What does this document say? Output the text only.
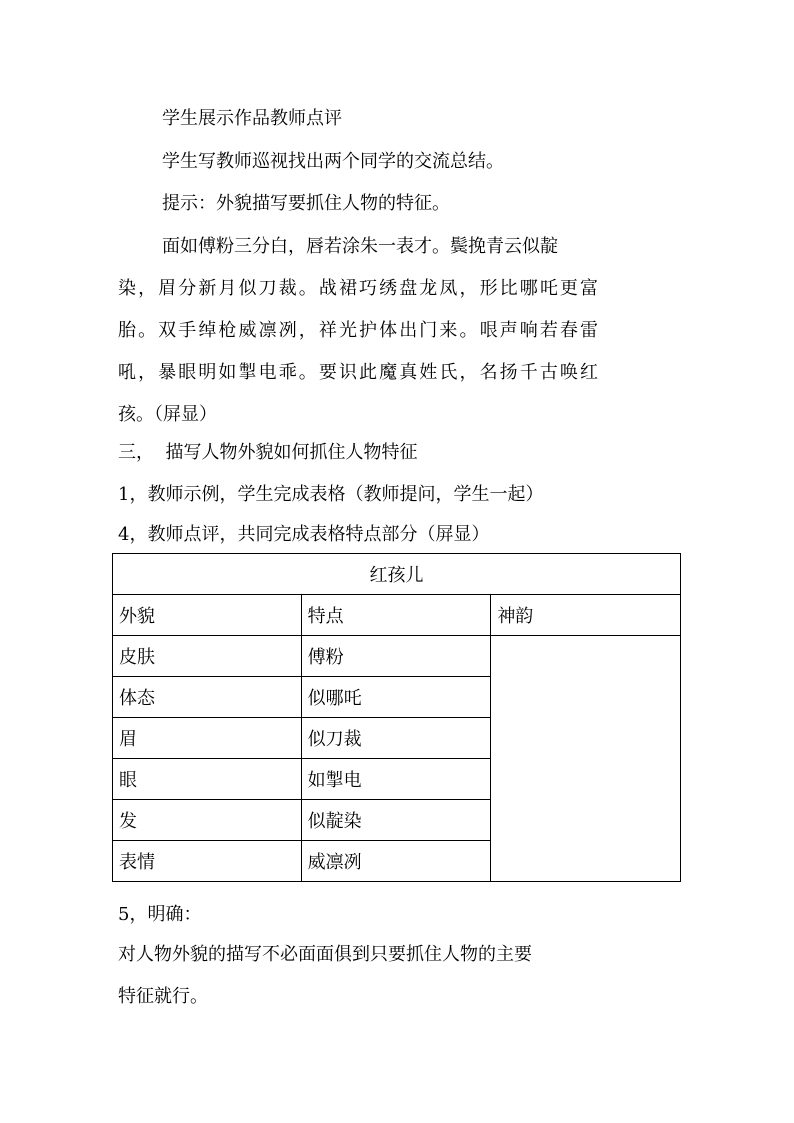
学生展示作品教师点评
学生写教师巡视找出两个同学的交流总结。
提示：外貌描写要抓住人物的特征。
面如傅粉三分白，唇若涂朱一表才。鬓挽青云似靛
染，眉分新月似刀裁。战裙巧绣盘龙凤，形比哪吒更富
胎。双手绰枪威凛冽，祥光护体出门来。哏声响若春雷
吼，暴眼明如掣电乖。要识此魔真姓氏，名扬千古唤红
孩。（屏显）
三，  描写人物外貌如何抓住人物特征
1，教师示例，学生完成表格（教师提问，学生一起）
4，教师点评，共同完成表格特点部分（屏显）
红孩儿		
外貌	特点	神韵
皮肤	傅粉	
体态	似哪吒	
眉	似刀裁	
眼	如掣电	
发	似靛染	
表情	威凛冽	
5，明确：
对人物外貌的描写不必面面俱到只要抓住人物的主要
特征就行。
